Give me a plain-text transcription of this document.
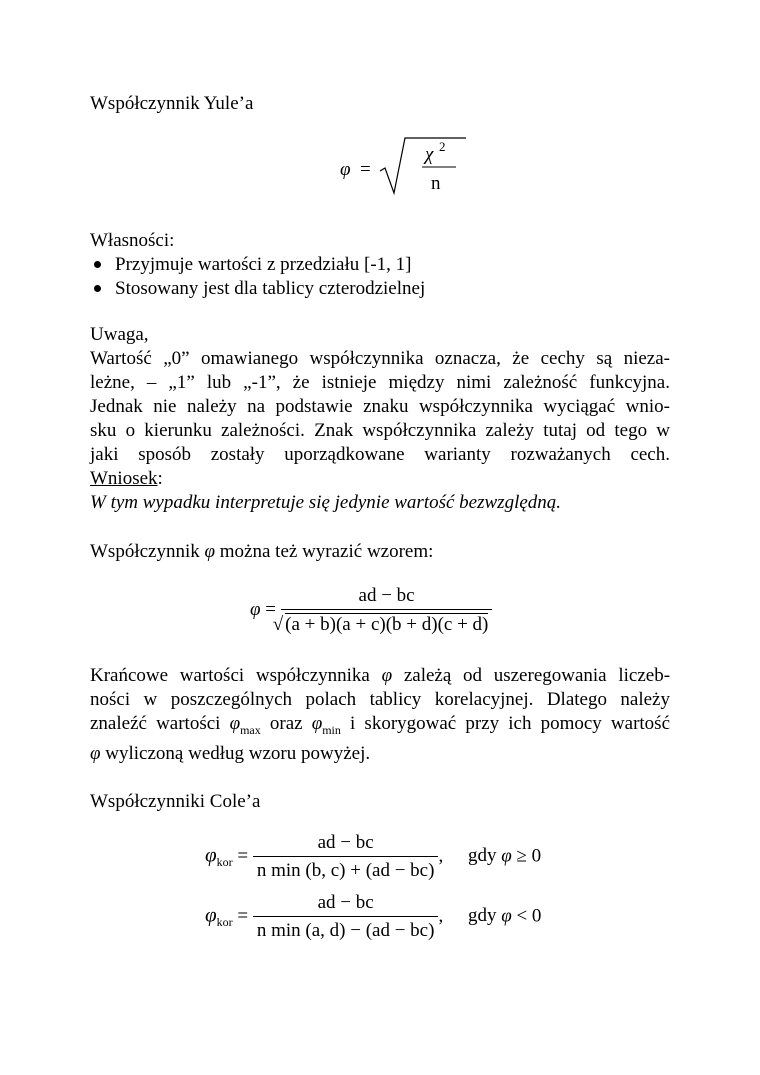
Współczynnik Yule’a
φ =
χ 2
n
Własności:
Przyjmuje wartości z przedziału [-1, 1]
Stosowany jest dla tablicy czterodzielnej
Uwaga,

Wartość „0” omawianego współczynnika oznacza, że cechy są nieza-

leżne, – „1” lub „-1”, że istnieje między nimi zależność funkcyjna.

Jednak nie należy na podstawie znaku współczynnika wyciągać wnio-

sku o kierunku zależności. Znak współczynnika zależy tutaj od tego w

jaki sposób zostały uporządkowane warianty rozważanych cech.

Wniosek:
W tym wypadku interpretuje się jedynie wartość bezwzględną.
Współczynnik φ można też wyrazić wzorem:
$\varphi = \frac{ad - bc}{√ (a + b)(a + c)(b + d)(c + d)}$

Krańcowe wartości współczynnika φ zależą od uszeregowania liczeb-

ności w poszczególnych polach tablicy korelacyjnej. Dlatego należy

znaleźć wartości $\varphi_{max}$ oraz $\varphi_{min}$ i skorygować przy ich pomocy wartość

φ wyliczoną według wzoru powyżej.

Współczynniki Cole’a
$\varphi_{kor} = \frac{ad - bc}{\text{n min (b, c) + (ad − bc)}}$ , gdy φ ≥ 0
$\varphi_{kor} = \frac{ad - bc}{\text{n min (a, d) − (ad − bc)}}$ , gdy φ < 0
